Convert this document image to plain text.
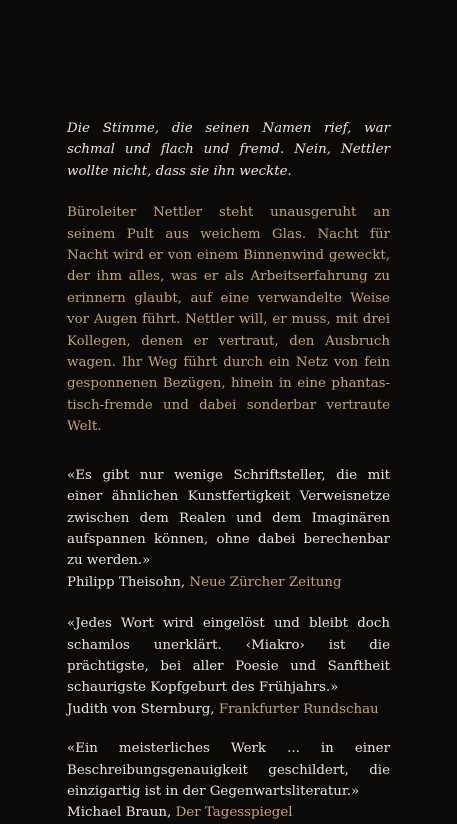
Die Stimme, die seinen Namen rief, war schmal und flach und fremd. Nein, Nettler wollte nicht, dass sie ihn weckte.

Büroleiter Nettler steht unausgeruht an seinem Pult aus weichem Glas. Nacht für Nacht wird er von einem Binnenwind geweckt, der ihm alles, was er als Arbeitserfahrung zu erinnern glaubt, auf eine verwandelte Weise vor Augen führt. Nettler will, er muss, mit drei Kollegen, denen er vertraut, den Ausbruch wagen. Ihr Weg führt durch ein Netz von fein gesponnenen Bezügen, hinein in eine phantastisch-fremde und dabei sonderbar vertraute Welt.

«Es gibt nur wenige Schriftsteller, die mit einer ähnlichen Kunstfertigkeit Verweisnetze zwischen dem Realen und dem Imaginären aufspannen können, ohne dabei berechenbar zu werden.»

Philipp Theisohn, Neue Zürcher Zeitung

«Jedes Wort wird eingelöst und bleibt doch schamlos unerklärt. ‹Miakro› ist die prächtigste, bei aller Poesie und Sanftheit schaurigste Kopfgeburt des Frühjahrs.»

Judith von Sternburg, Frankfurter Rundschau

«Ein meisterliches Werk ... in einer Beschreibungsgenauigkeit geschildert, die einzigartig ist in der Gegenwartsliteratur.»

Michael Braun, Der Tagesspiegel
